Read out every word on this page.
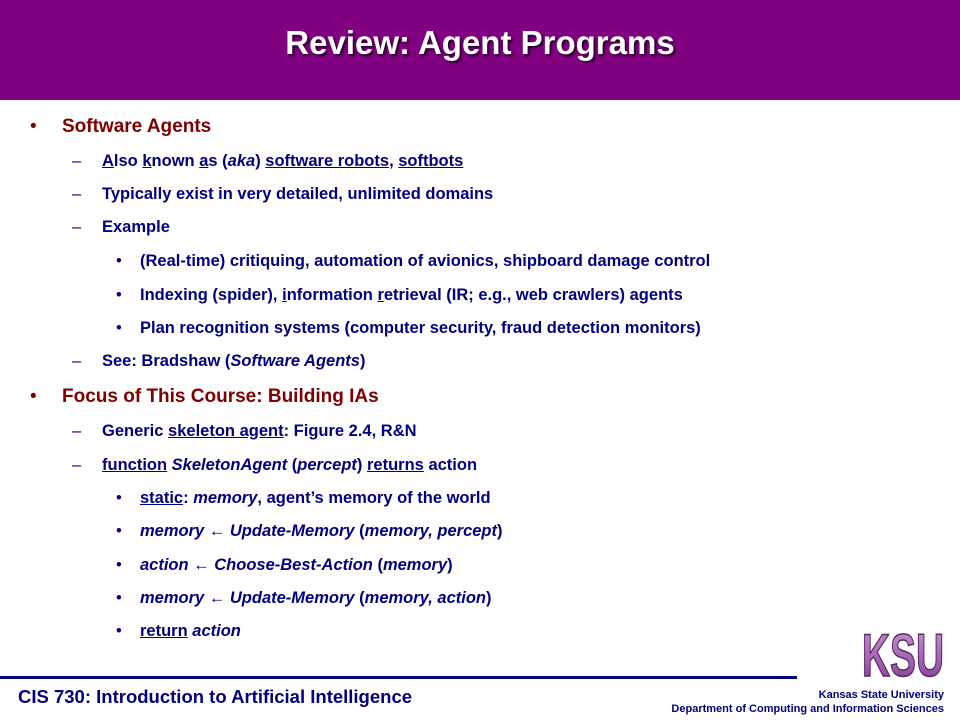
Review: Agent Programs
• Software Agents
– Also known as (aka) software robots, softbots
– Typically exist in very detailed, unlimited domains
– Example
• (Real-time) critiquing, automation of avionics, shipboard damage control
• Indexing (spider), information retrieval (IR; e.g., web crawlers) agents
• Plan recognition systems (computer security, fraud detection monitors)
– See: Bradshaw (Software Agents)
• Focus of This Course: Building IAs
– Generic skeleton agent: Figure 2.4, R&N
– function SkeletonAgent (percept) returns action
• static: memory, agent’s memory of the world
• memory ← Update-Memory (memory, percept)
• action ← Choose-Best-Action (memory)
• memory ← Update-Memory (memory, action)
• return action	KSU
CIS 730: Introduction to Artificial Intelligence	Kansas State University
Department of Computing and Information Sciences
